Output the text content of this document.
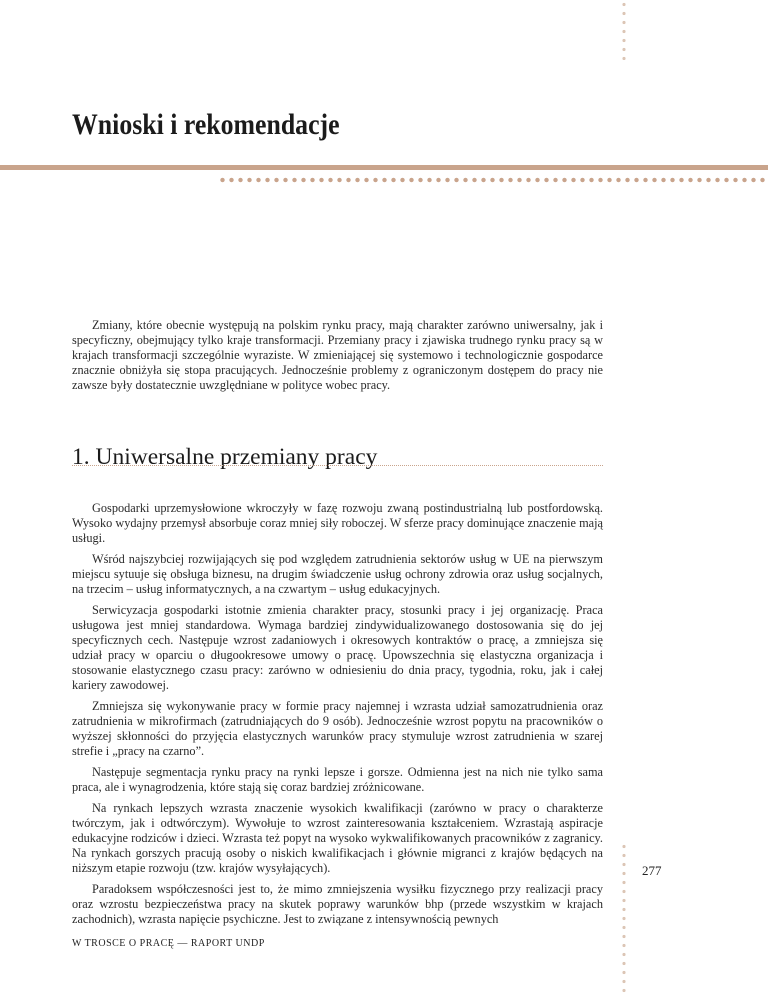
Wnioski i rekomendacje

Zmiany, które obecnie występują na polskim rynku pracy, mają charakter zarówno uniwersalny, jak i specyficzny, obejmujący tylko kraje transformacji. Przemiany pracy i zjawiska trudnego rynku pracy są w krajach transformacji szczególnie wyraziste. W zmieniającej się systemowo i technologicznie gospodarce znacznie obniżyła się stopa pracujących. Jednocześnie problemy z ograniczonym dostępem do pracy nie zawsze były dostatecznie uwzględniane w polityce wobec pracy.

1. Uniwersalne przemiany pracy

Gospodarki uprzemysłowione wkroczyły w fazę rozwoju zwaną postindustrialną lub postfordowską. Wysoko wydajny przemysł absorbuje coraz mniej siły roboczej. W sferze pracy dominujące znaczenie mają usługi.

Wśród najszybciej rozwijających się pod względem zatrudnienia sektorów usług w UE na pierwszym miejscu sytuuje się obsługa biznesu, na drugim świadczenie usług ochrony zdrowia oraz usług socjalnych, na trzecim – usług informatycznych, a na czwartym – usług edukacyjnych.

Serwicyzacja gospodarki istotnie zmienia charakter pracy, stosunki pracy i jej organizację. Praca usługowa jest mniej standardowa. Wymaga bardziej zindywidualizowanego dostosowania się do jej specyficznych cech. Następuje wzrost zadaniowych i okresowych kontraktów o pracę, a zmniejsza się udział pracy w oparciu o długookresowe umowy o pracę. Upowszechnia się elastyczna organizacja i stosowanie elastycznego czasu pracy: zarówno w odniesieniu do dnia pracy, tygodnia, roku, jak i całej kariery zawodowej.

Zmniejsza się wykonywanie pracy w formie pracy najemnej i wzrasta udział samozatrudnienia oraz zatrudnienia w mikrofirmach (zatrudniających do 9 osób). Jednocześnie wzrost popytu na pracowników o wyższej skłonności do przyjęcia elastycznych warunków pracy stymuluje wzrost zatrudnienia w szarej strefie i „pracy na czarno”.

Następuje segmentacja rynku pracy na rynki lepsze i gorsze. Odmienna jest na nich nie tylko sama praca, ale i wynagrodzenia, które stają się coraz bardziej zróżnicowane.

Na rynkach lepszych wzrasta znaczenie wysokich kwalifikacji (zarówno w pracy o charakterze twórczym, jak i odtwórczym). Wywołuje to wzrost zainteresowania kształceniem. Wzrastają aspiracje edukacyjne rodziców i dzieci. Wzrasta też popyt na wysoko wykwalifikowanych pracowników z zagranicy. Na rynkach gorszych pracują osoby o niskich kwalifikacjach i głównie migranci z krajów będących na niższym etapie rozwoju (tzw. krajów wysyłających).

Paradoksem współczesności jest to, że mimo zmniejszenia wysiłku fizycznego przy realizacji pracy oraz wzrostu bezpieczeństwa pracy na skutek poprawy warunków bhp (przede wszystkim w krajach zachodnich), wzrasta napięcie psychiczne. Jest to związane z intensywnością pewnych

277
W TROSCE O PRACĘ — RAPORT UNDP
